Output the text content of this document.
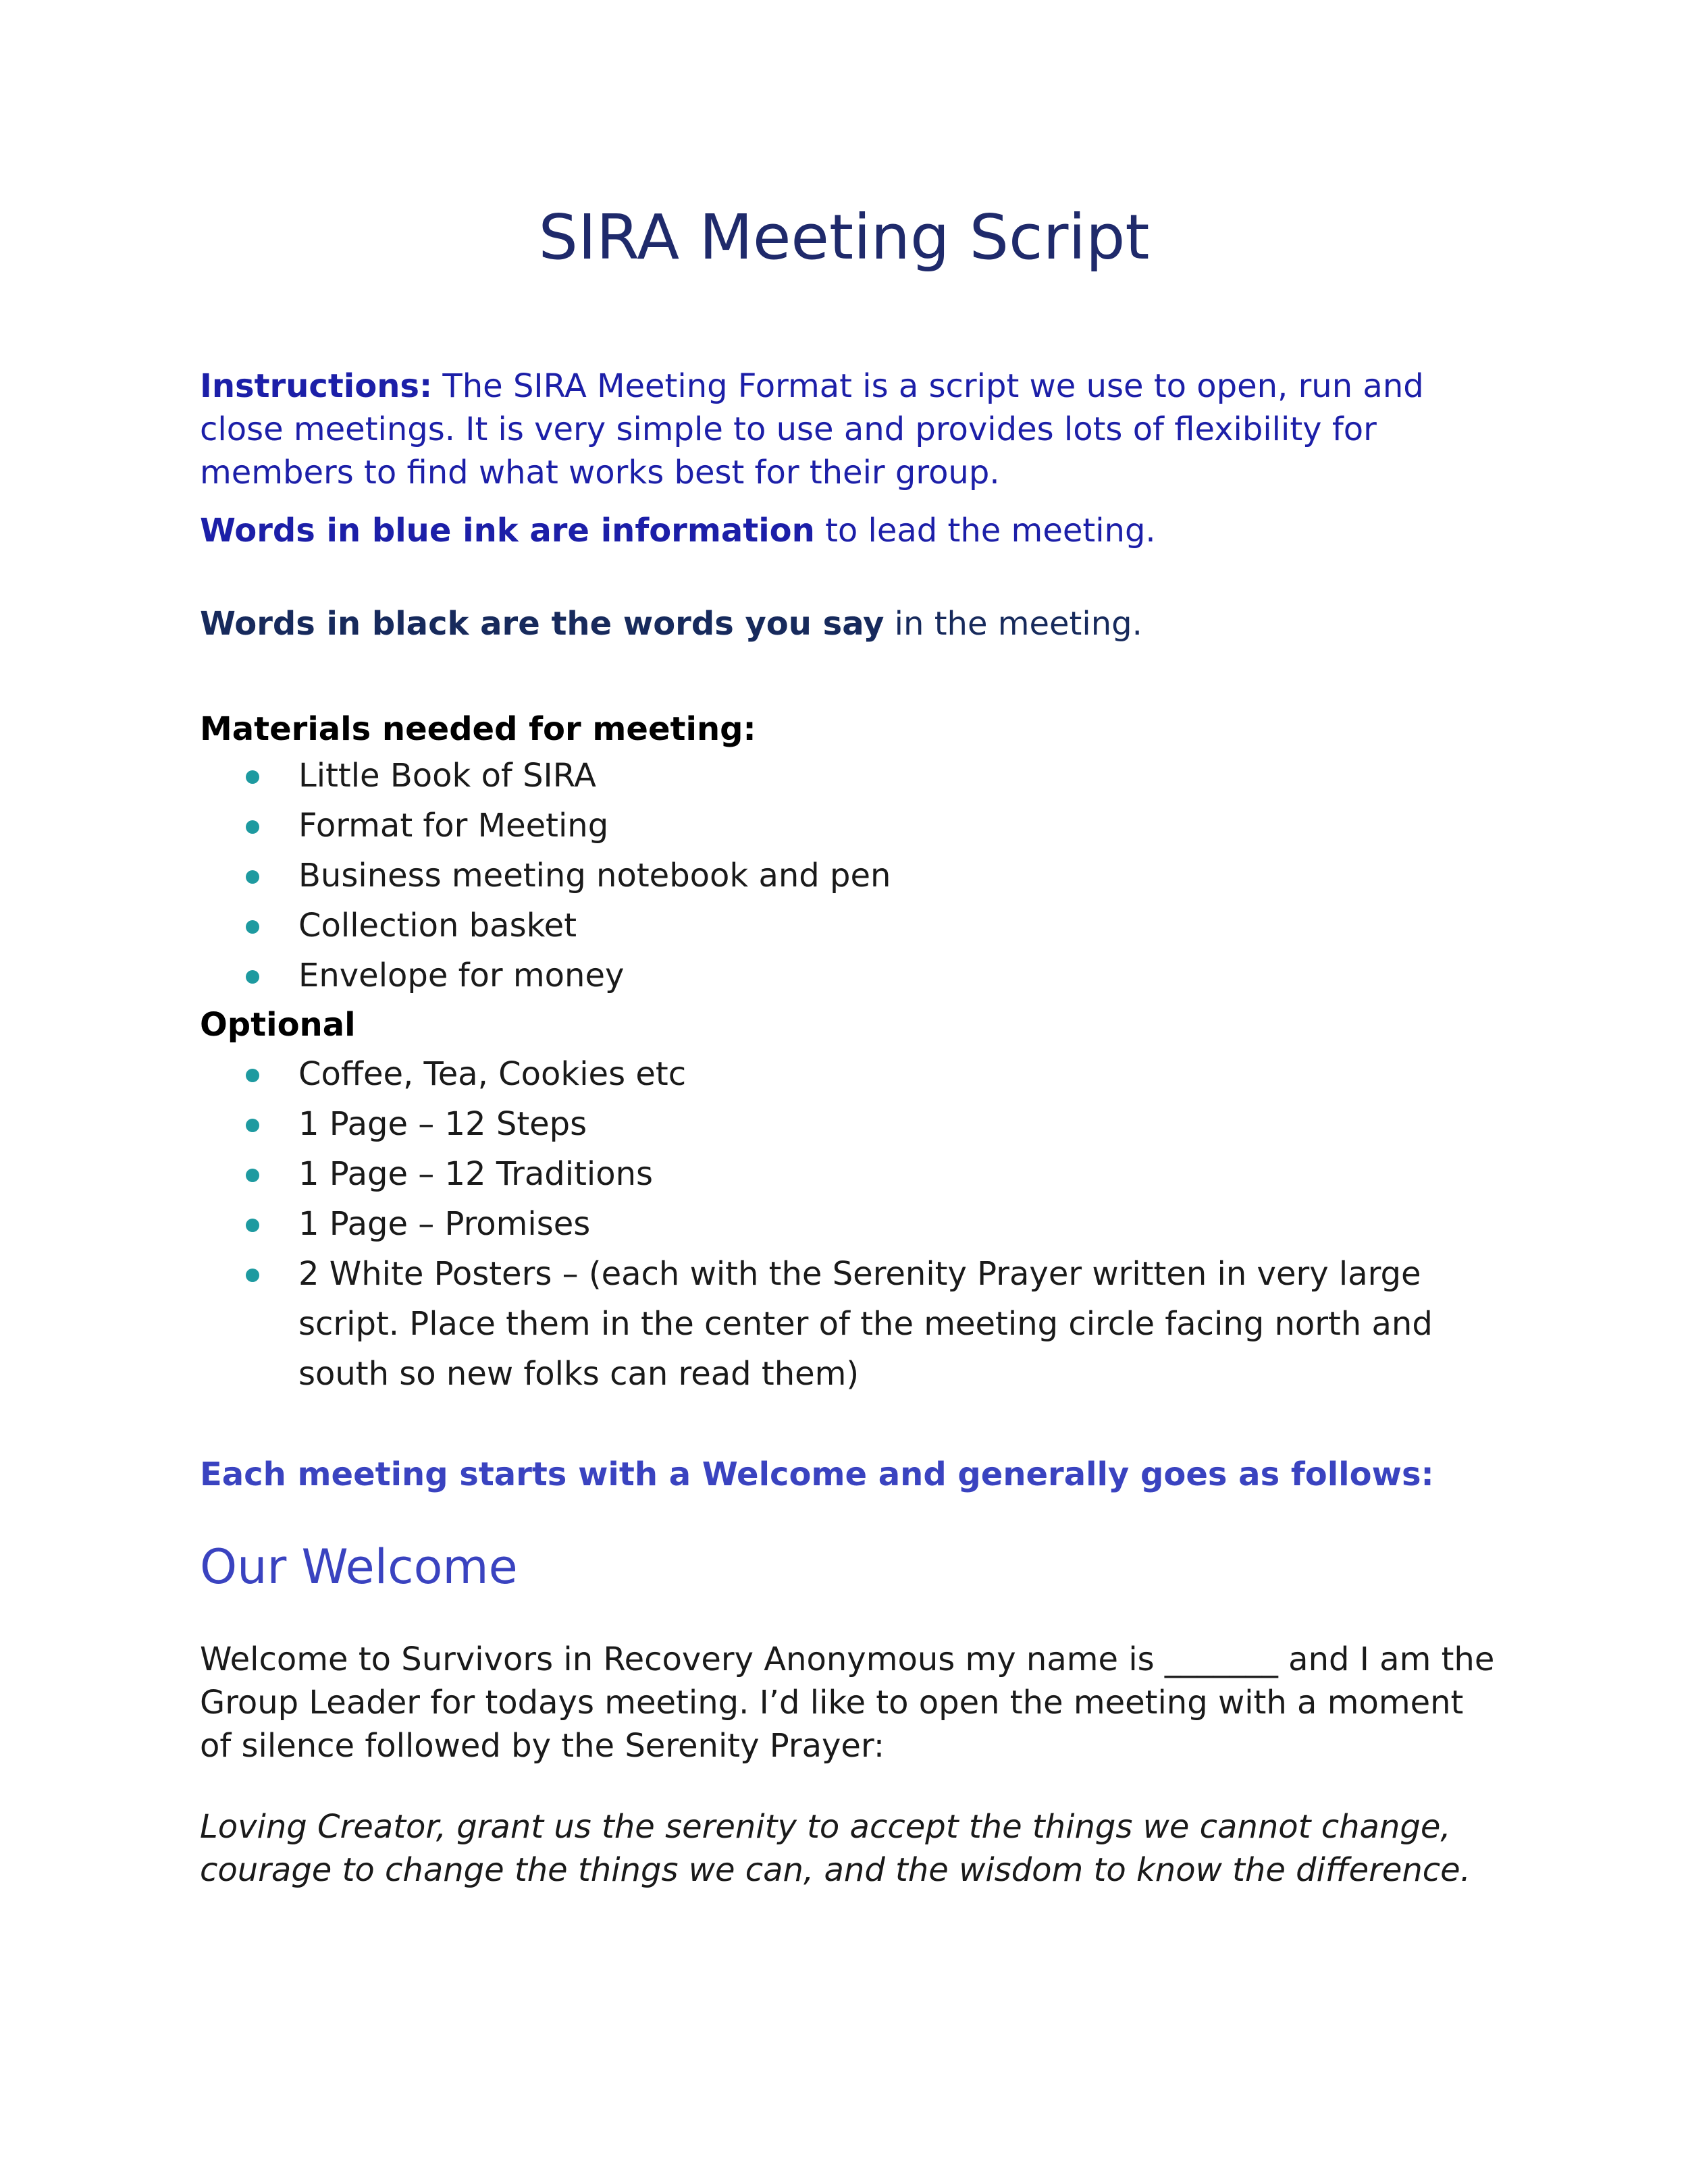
SIRA Meeting Script

Instructions: The SIRA Meeting Format is a script we use to open, run and close meetings. It is very simple to use and provides lots of flexibility for members to find what works best for their group.

Words in blue ink are information to lead the meeting.

Words in black are the words you say in the meeting.

Materials needed for meeting:

Little Book of SIRA
Format for Meeting
Business meeting notebook and pen
Collection basket
Envelope for money

Optional

Coffee, Tea, Cookies etc
1 Page – 12 Steps
1 Page – 12 Traditions
1 Page – Promises
2 White Posters – (each with the Serenity Prayer written in very large script. Place them in the center of the meeting circle facing north and south so new folks can read them)

Each meeting starts with a Welcome and generally goes as follows:

Our Welcome

Welcome to Survivors in Recovery Anonymous my name is _______ and I am the Group Leader for todays meeting. I’d like to open the meeting with a moment of silence followed by the Serenity Prayer:

Loving Creator, grant us the serenity to accept the things we cannot change, courage to change the things we can, and the wisdom to know the difference.
